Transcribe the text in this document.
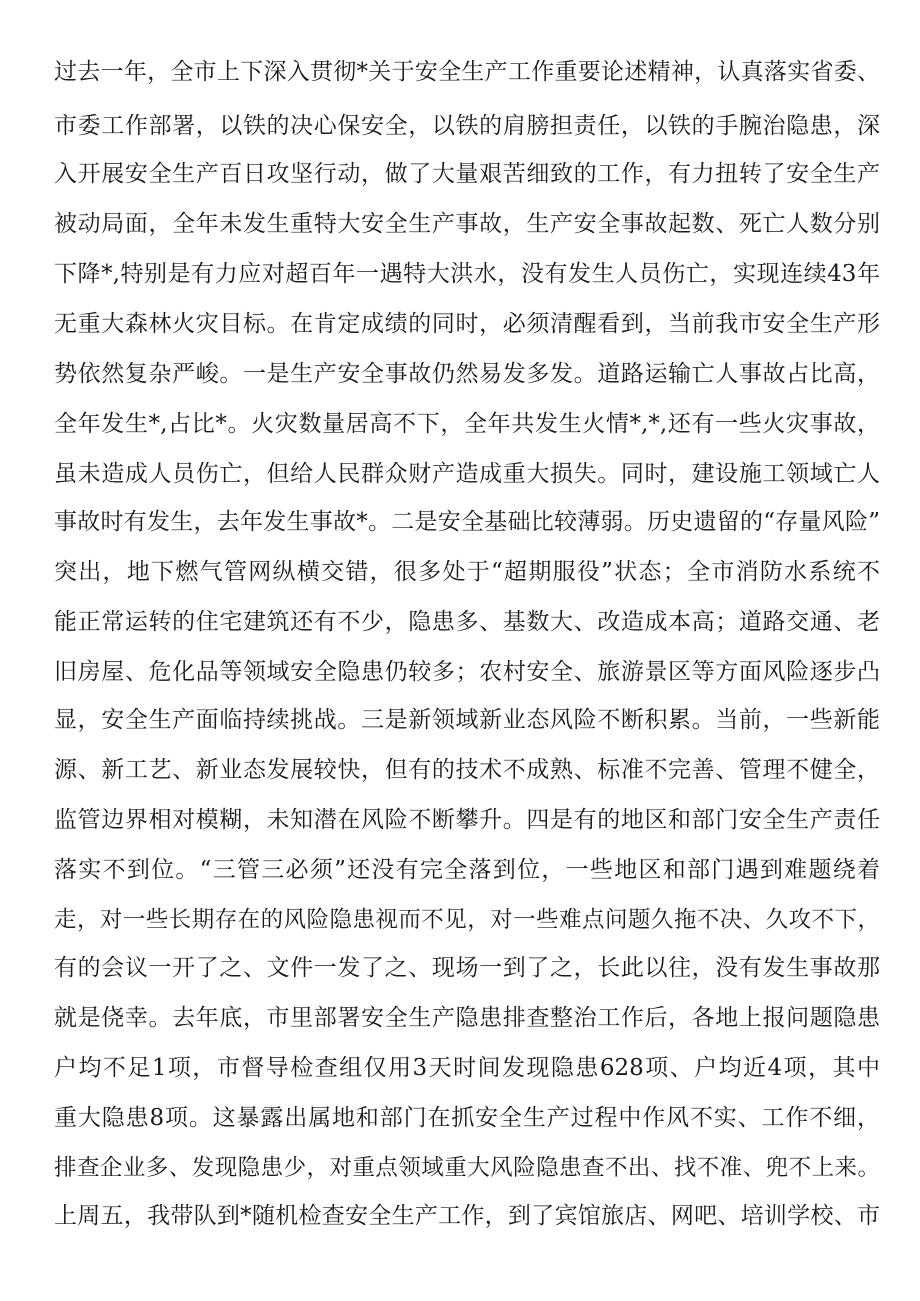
过去一年，全市上下深入贯彻*关于安全生产工作重要论述精神，认真落实省委、
市委工作部署，以铁的决心保安全，以铁的肩膀担责任，以铁的手腕治隐患，深
入开展安全生产百日攻坚行动，做了大量艰苦细致的工作，有力扭转了安全生产
被动局面，全年未发生重特大安全生产事故，生产安全事故起数、死亡人数分别
下降*,特别是有力应对超百年一遇特大洪水，没有发生人员伤亡，实现连续43年
无重大森林火灾目标。在肯定成绩的同时，必须清醒看到，当前我市安全生产形
势依然复杂严峻。一是生产安全事故仍然易发多发。道路运输亡人事故占比高，
全年发生*,占比*。火灾数量居高不下，全年共发生火情*,*,还有一些火灾事故，
虽未造成人员伤亡，但给人民群众财产造成重大损失。同时，建设施工领域亡人
事故时有发生，去年发生事故*。二是安全基础比较薄弱。历史遗留的“存量风险”
突出，地下燃气管网纵横交错，很多处于“超期服役”状态；全市消防水系统不
能正常运转的住宅建筑还有不少，隐患多、基数大、改造成本高；道路交通、老
旧房屋、危化品等领域安全隐患仍较多；农村安全、旅游景区等方面风险逐步凸
显，安全生产面临持续挑战。三是新领域新业态风险不断积累。当前，一些新能
源、新工艺、新业态发展较快，但有的技术不成熟、标准不完善、管理不健全，
监管边界相对模糊，未知潜在风险不断攀升。四是有的地区和部门安全生产责任
落实不到位。“三管三必须”还没有完全落到位，一些地区和部门遇到难题绕着
走，对一些长期存在的风险隐患视而不见，对一些难点问题久拖不决、久攻不下，
有的会议一开了之、文件一发了之、现场一到了之，长此以往，没有发生事故那
就是侥幸。去年底，市里部署安全生产隐患排查整治工作后，各地上报问题隐患
户均不足1项，市督导检查组仅用3天时间发现隐患628项、户均近4项，其中
重大隐患8项。这暴露出属地和部门在抓安全生产过程中作风不实、工作不细，
排查企业多、发现隐患少，对重点领域重大风险隐患查不出、找不准、兜不上来。
上周五，我带队到*随机检查安全生产工作，到了宾馆旅店、网吧、培训学校、市
